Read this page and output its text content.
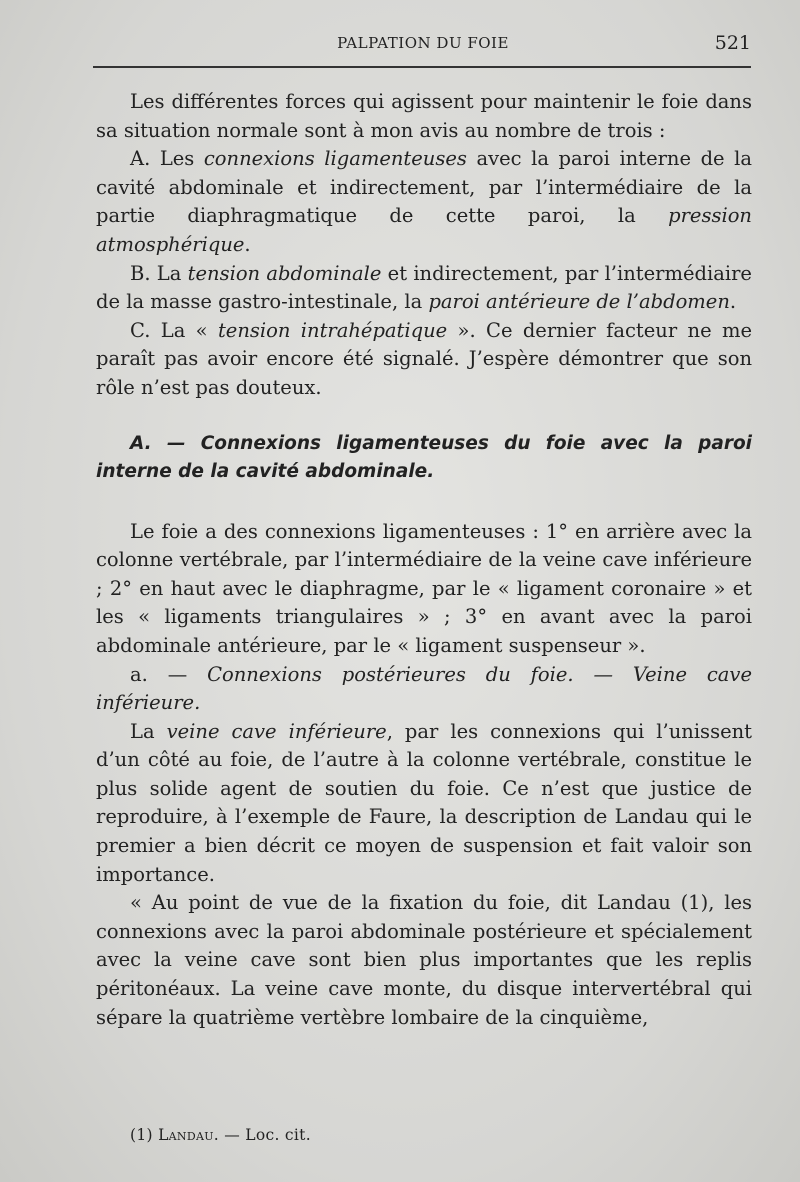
PALPATION DU FOIE	521

Les différentes forces qui agissent pour maintenir le foie dans sa situation normale sont à mon avis au nombre de trois :

A. Les connexions ligamenteuses avec la paroi interne de la cavité abdominale et indirectement, par l’intermédiaire de la partie diaphragmatique de cette paroi, la pression atmosphérique.

B. La tension abdominale et indirectement, par l’intermédiaire de la masse gastro-intestinale, la paroi antérieure de l’abdomen.

C. La « tension intrahépatique ». Ce dernier facteur ne me paraît pas avoir encore été signalé. J’espère démontrer que son rôle n’est pas douteux.

A. — Connexions ligamenteuses du foie avec la paroi interne de la cavité abdominale.

Le foie a des connexions ligamenteuses : 1° en arrière avec la colonne vertébrale, par l’intermédiaire de la veine cave inférieure ; 2° en haut avec le diaphragme, par le « ligament coronaire » et les « ligaments triangulaires » ; 3° en avant avec la paroi abdominale antérieure, par le « ligament suspenseur ».

a. — Connexions postérieures du foie. — Veine cave inférieure.

La veine cave inférieure, par les connexions qui l’unissent d’un côté au foie, de l’autre à la colonne vertébrale, constitue le plus solide agent de soutien du foie. Ce n’est que justice de reproduire, à l’exemple de Faure, la description de Landau qui le premier a bien décrit ce moyen de suspension et fait valoir son importance.

« Au point de vue de la fixation du foie, dit Landau (1), les connexions avec la paroi abdominale postérieure et spécialement avec la veine cave sont bien plus importantes que les replis péritonéaux. La veine cave monte, du disque intervertébral qui sépare la quatrième vertèbre lombaire de la cinquième,

(1) Landau. — Loc. cit.
